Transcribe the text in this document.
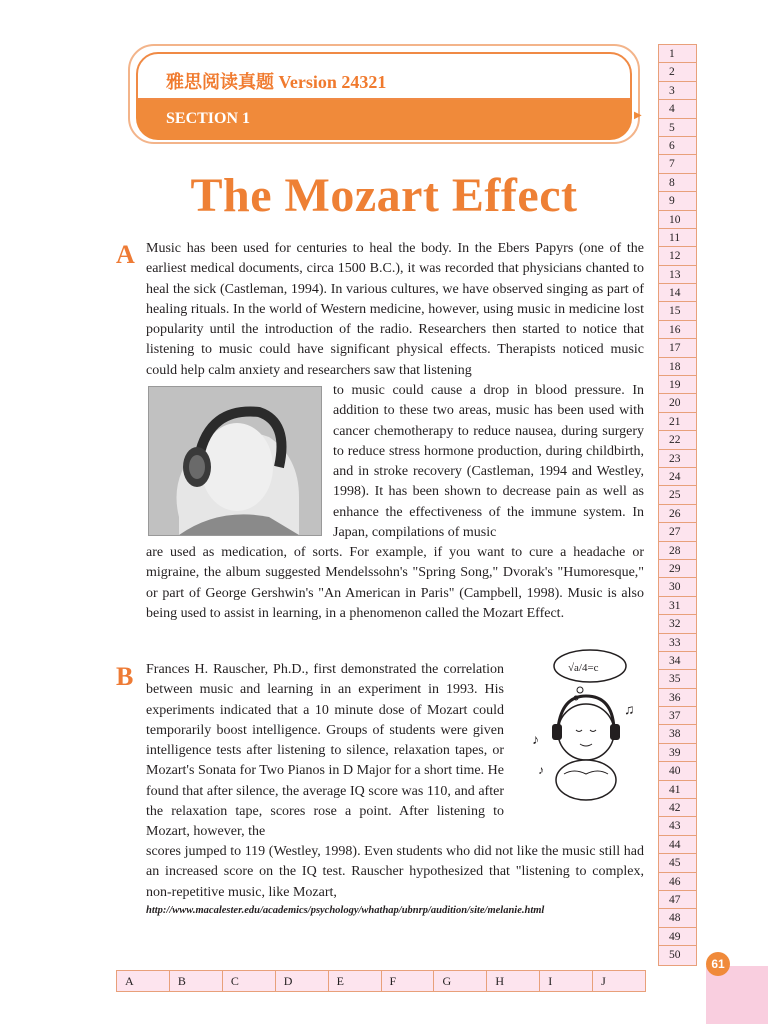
雅思阅读真题 Version 24321
SECTION 1	▶
The Mozart Effect
A Music has been used for centuries to heal the body. In the Ebers Papyrs (one of the earliest medical documents, circa 1500 B.C.), it was recorded that physicians chanted to heal the sick (Castleman, 1994). In various cultures, we have observed singing as part of healing rituals. In the world of Western medicine, however, using music in medicine lost popularity until the introduction of the radio. Researchers then started to notice that listening to music could have significant physical effects. Therapists noticed music could help calm anxiety and researchers saw that listening

to music could cause a drop in blood pressure. In addition to these two areas, music has been used with cancer chemotherapy to reduce nausea, during surgery to reduce stress hormone production, during childbirth, and in stroke recovery (Castleman, 1994 and Westley, 1998). It has been shown to decrease pain as well as enhance the effectiveness of the immune system. In Japan, compilations of music

are used as medication, of sorts. For example, if you want to cure a headache or migraine, the album suggested Mendelssohn's "Spring Song," Dvorak's "Humoresque," or part of George Gershwin's "An American in Paris" (Campbell, 1998). Music is also being used to assist in learning, in a phenomenon called the Mozart Effect.

B Frances H. Rauscher, Ph.D., first demonstrated the correlation between music and learning in an experiment in 1993. His experiments indicated that a 10 minute dose of Mozart could temporarily boost intelligence. Groups of students were given intelligence tests after listening to silence, relaxation tapes, or Mozart's Sonata for Two Pianos in D Major for a short time. He found that after silence, the average IQ score was 110, and after the relaxation tape, scores rose a point. After listening to Mozart, however, the

√a/4=c
♪
♫
♪

scores jumped to 119 (Westley, 1998). Even students who did not like the music still had an increased score on the IQ test. Rauscher hypothesized that "listening to complex, non-repetitive music, like Mozart,

http://www.macalester.edu/academics/psychology/whathap/ubnrp/audition/site/melanie.html
1
2
3
4
5
6
7
8
9
10
11
12
13
14
15
16
17
18
19
20
21
22
23
24
25
26
27
28
29
30
31
32
33
34
35
36
37
38
39
40
41
42
43
44
45
46
47
48
49
50
61
A	B	C	D	E	F	G	H	I	J
